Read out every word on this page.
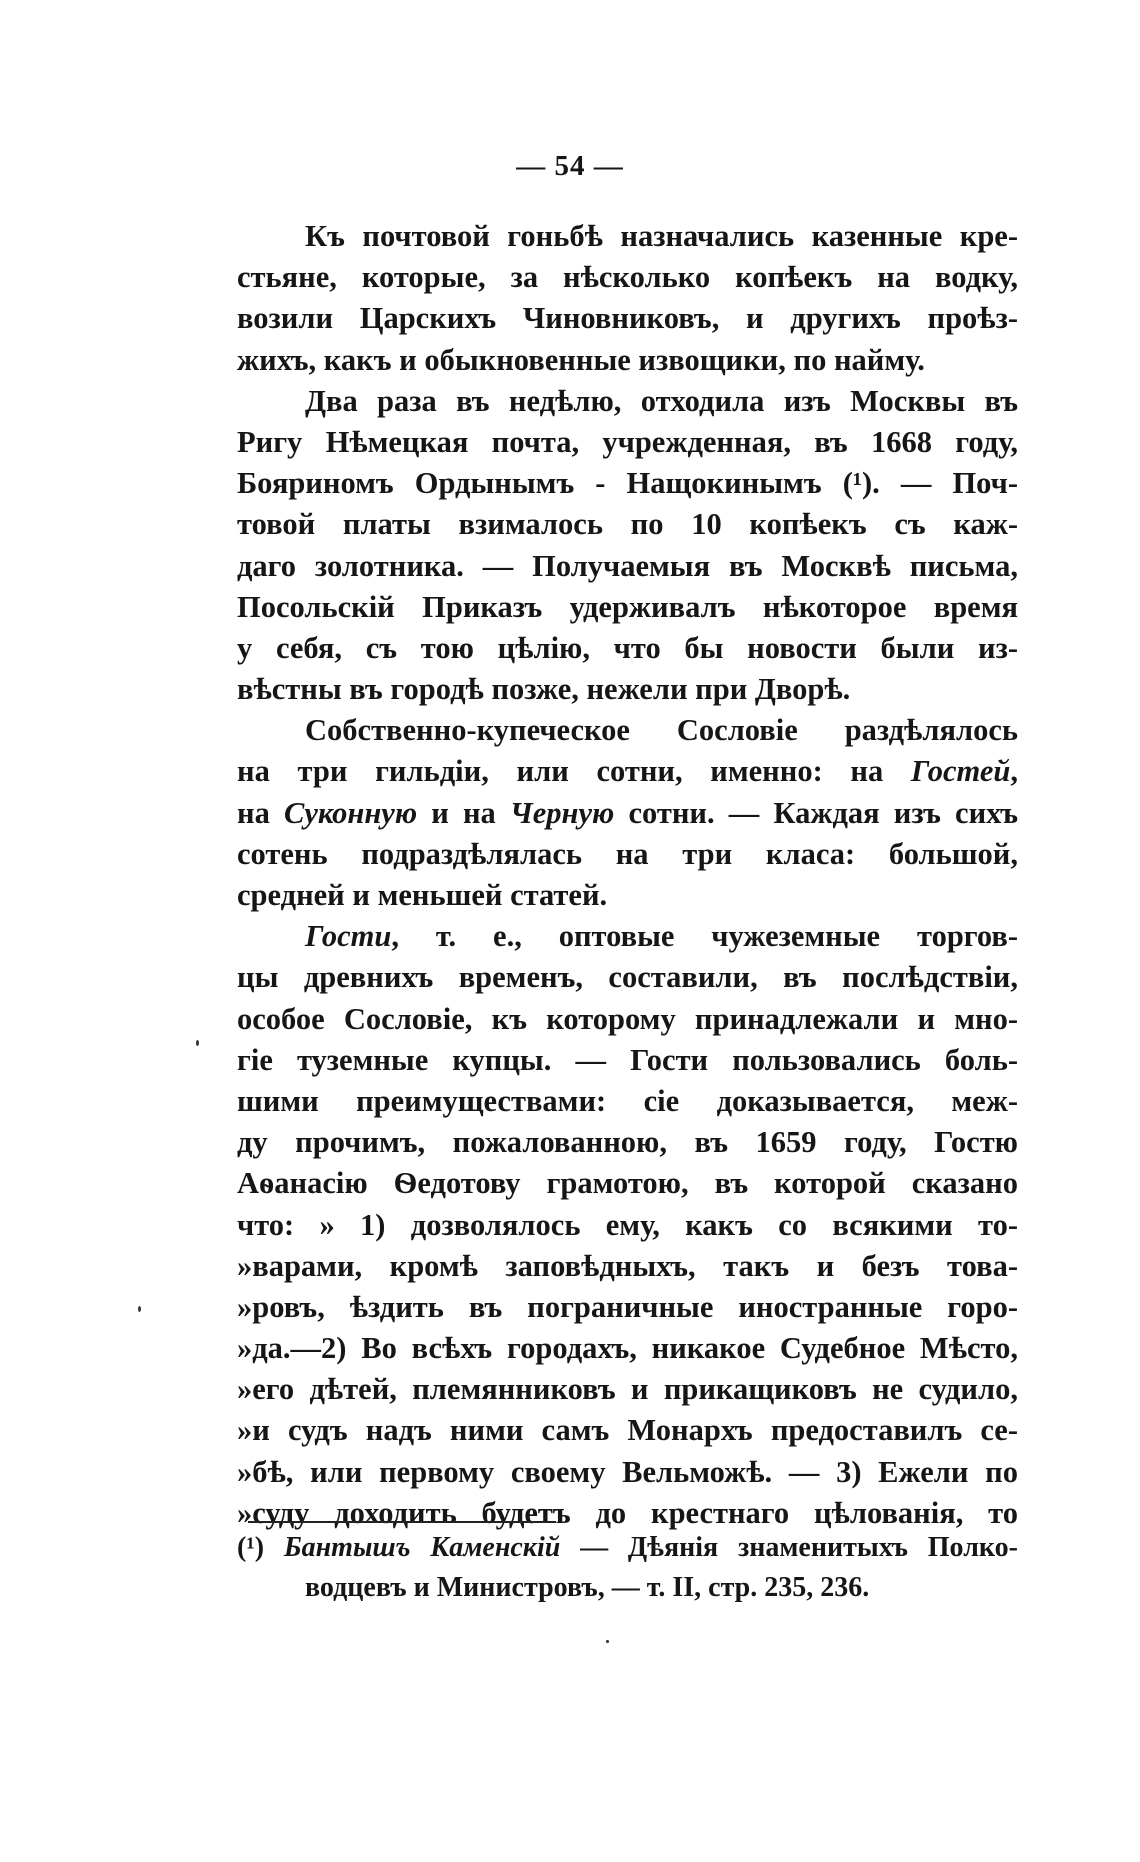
— 54 —
Къ почтовой гоньбѣ назначались казенные кре-
стьяне, которые, за нѣсколько копѣекъ на водку,
возили Царскихъ Чиновниковъ, и другихъ проѣз-
жихъ, какъ и обыкновенные извощики, по найму.
Два раза въ недѣлю, отходила изъ Москвы въ
Ригу Нѣмецкая почта, учрежденная, въ 1668 году,
Бояриномъ Ордынымъ - Нащокинымъ (¹). — Поч-
товой платы взималось по 10 копѣекъ съ каж-
даго золотника. — Получаемыя въ Москвѣ письма,
Посольскій Приказъ удерживалъ нѣкоторое время
у себя, съ тою цѣлію, что бы новости были из-
вѣстны въ городѣ позже, нежели при Дворѣ.
Собственно-купеческое Сословіе раздѣлялось
на три гильдіи, или сотни, именно: на Гостей,
на Суконную и на Черную сотни. — Каждая изъ сихъ
сотень подраздѣлялась на три класа: большой,
средней и меньшей статей.
Гости, т. е., оптовые чужеземные торгов-
цы древнихъ временъ, составили, въ послѣдствіи,
особое Сословіе, къ которому принадлежали и мно-
гіе туземные купцы. — Гости пользовались боль-
шими преимуществами: сіе доказывается, меж-
ду прочимъ, пожалованною, въ 1659 году, Гостю
Аѳанасію Ѳедотову грамотою, въ которой сказано
что: » 1) дозволялось ему, какъ со всякими то-
»варами, кромѣ заповѣдныхъ, такъ и безъ това-
»ровъ, ѣздить въ пограничные иностранные горо-
»да.—2) Во всѣхъ городахъ, никакое Судебное Мѣсто,
»его дѣтей, племянниковъ и прикащиковъ не судило,
»и судъ надъ ними самъ Монархъ предоставилъ се-
»бѣ, или первому своему Вельможѣ. — 3) Ежели по
»суду доходить будетъ до крестнаго цѣлованія, то
(¹) Бантышъ Каменскій — Дѣянія знаменитыхъ Полко-
водцевъ и Министровъ, — т. II, стр. 235, 236.
